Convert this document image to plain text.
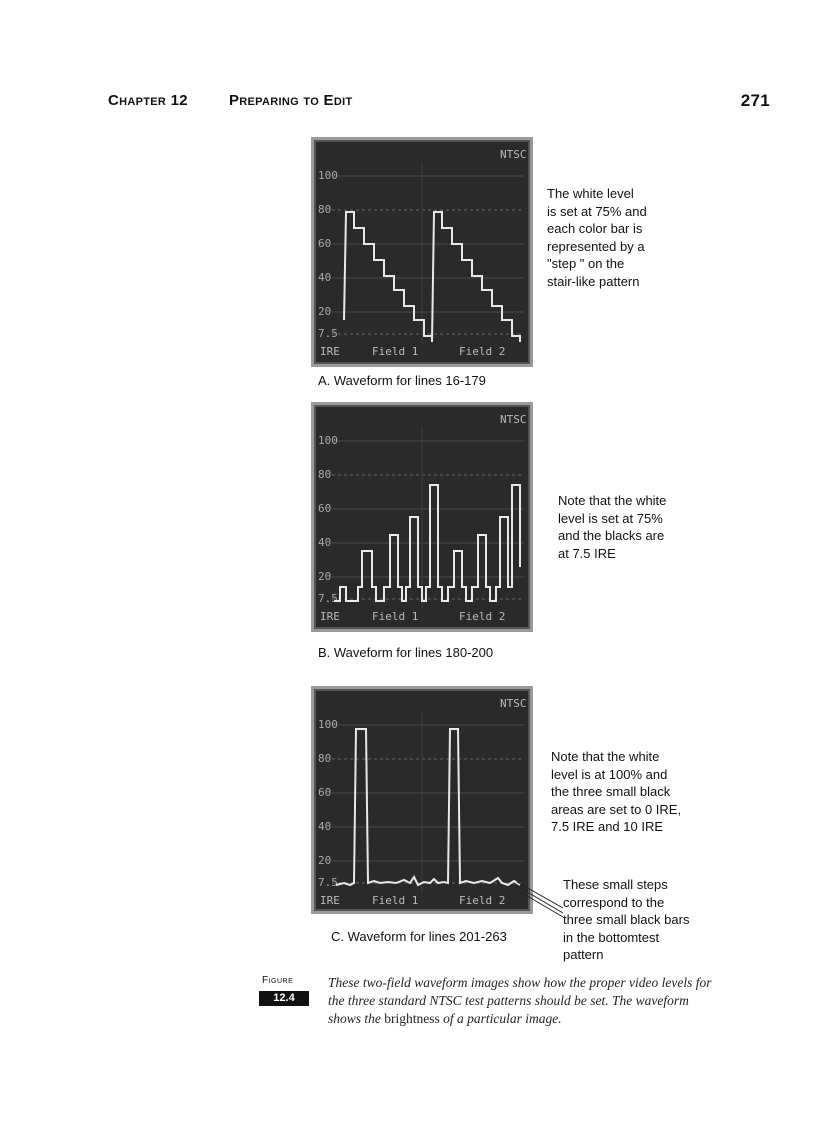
Chapter 12	Preparing to Edit	271
NTSC
100
80
60
40
20
7.5
IRE	Field 1	Field 2
A. Waveform for lines 16-179
The white level
is set at 75% and
each color bar is
represented by a
"step " on the
stair-like pattern
NTSC
100
80
60
40
20
7.5
IRE	Field 1	Field 2
B. Waveform for lines 180-200
Note that the white
level is set at 75%
and the blacks are
at 7.5 IRE
NTSC
100
80
60
40
20
7.5
IRE	Field 1	Field 2
C. Waveform for lines 201-263
Note that the white
level is at 100% and
the three small black
areas are set to 0 IRE,
7.5 IRE and 10 IRE
These small steps
correspond to the
three small black bars
in the bottomtest
pattern
Figure
12.4
These two-field waveform images show how the proper video levels for the three standard NTSC test patterns should be set. The waveform shows the brightness of a particular image.
